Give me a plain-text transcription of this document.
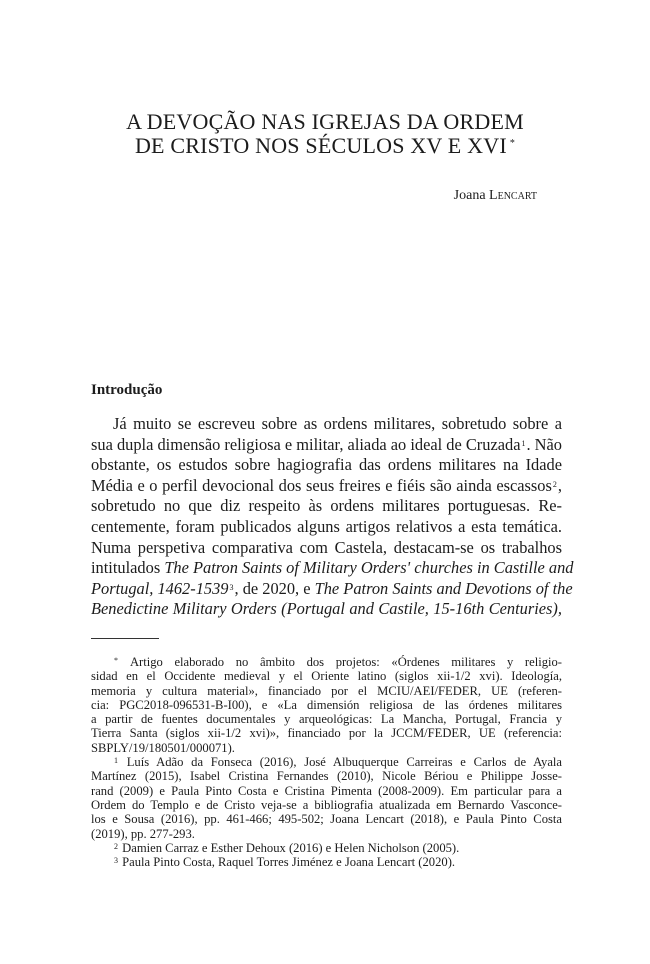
A DEVOÇÃO NAS IGREJAS DA ORDEM
DE CRISTO NOS SÉCULOS XV E XVI *

Joana Lencart

Introdução
Já muito se escreveu sobre as ordens militares, sobretudo sobre a
sua dupla dimensão religiosa e militar, aliada ao ideal de Cruzada$^1$. Não
obstante, os estudos sobre hagiografia das ordens militares na Idade
Média e o perfil devocional dos seus freires e fiéis são ainda escassos$^2$,
sobretudo no que diz respeito às ordens militares portuguesas. Re-
centemente, foram publicados alguns artigos relativos a esta temática.
Numa perspetiva comparativa com Castela, destacam-se os trabalhos
intitulados The Patron Saints of Military Orders' churches in Castille and
Portugal, 1462-1539$^3$, de 2020, e The Patron Saints and Devotions of the
Benedictine Military Orders (Portugal and Castile, 15-16th Centuries),
* Artigo elaborado no âmbito dos projetos: «Órdenes militares y religio-
sidad en el Occidente medieval y el Oriente latino (siglos xii-1/2 xvi). Ideología,
memoria y cultura material», financiado por el MCIU/AEI/FEDER, UE (referen-
cia: PGC2018-096531-B-I00), e «La dimensión religiosa de las órdenes militares
a partir de fuentes documentales y arqueológicas: La Mancha, Portugal, Francia y
Tierra Santa (siglos xii-1/2 xvi)», financiado por la JCCM/FEDER, UE (referencia:
SBPLY/19/180501/000071).
$^1$ Luís Adão da Fonseca (2016), José Albuquerque Carreiras e Carlos de Ayala
Martínez (2015), Isabel Cristina Fernandes (2010), Nicole Bériou e Philippe Josse-
rand (2009) e Paula Pinto Costa e Cristina Pimenta (2008-2009). Em particular para a
Ordem do Templo e de Cristo veja-se a bibliografia atualizada em Bernardo Vasconce-
los e Sousa (2016), pp. 461-466; 495-502; Joana Lencart (2018), e Paula Pinto Costa
(2019), pp. 277-293.
$^2$ Damien Carraz e Esther Dehoux (2016) e Helen Nicholson (2005).
$^3$ Paula Pinto Costa, Raquel Torres Jiménez e Joana Lencart (2020).
